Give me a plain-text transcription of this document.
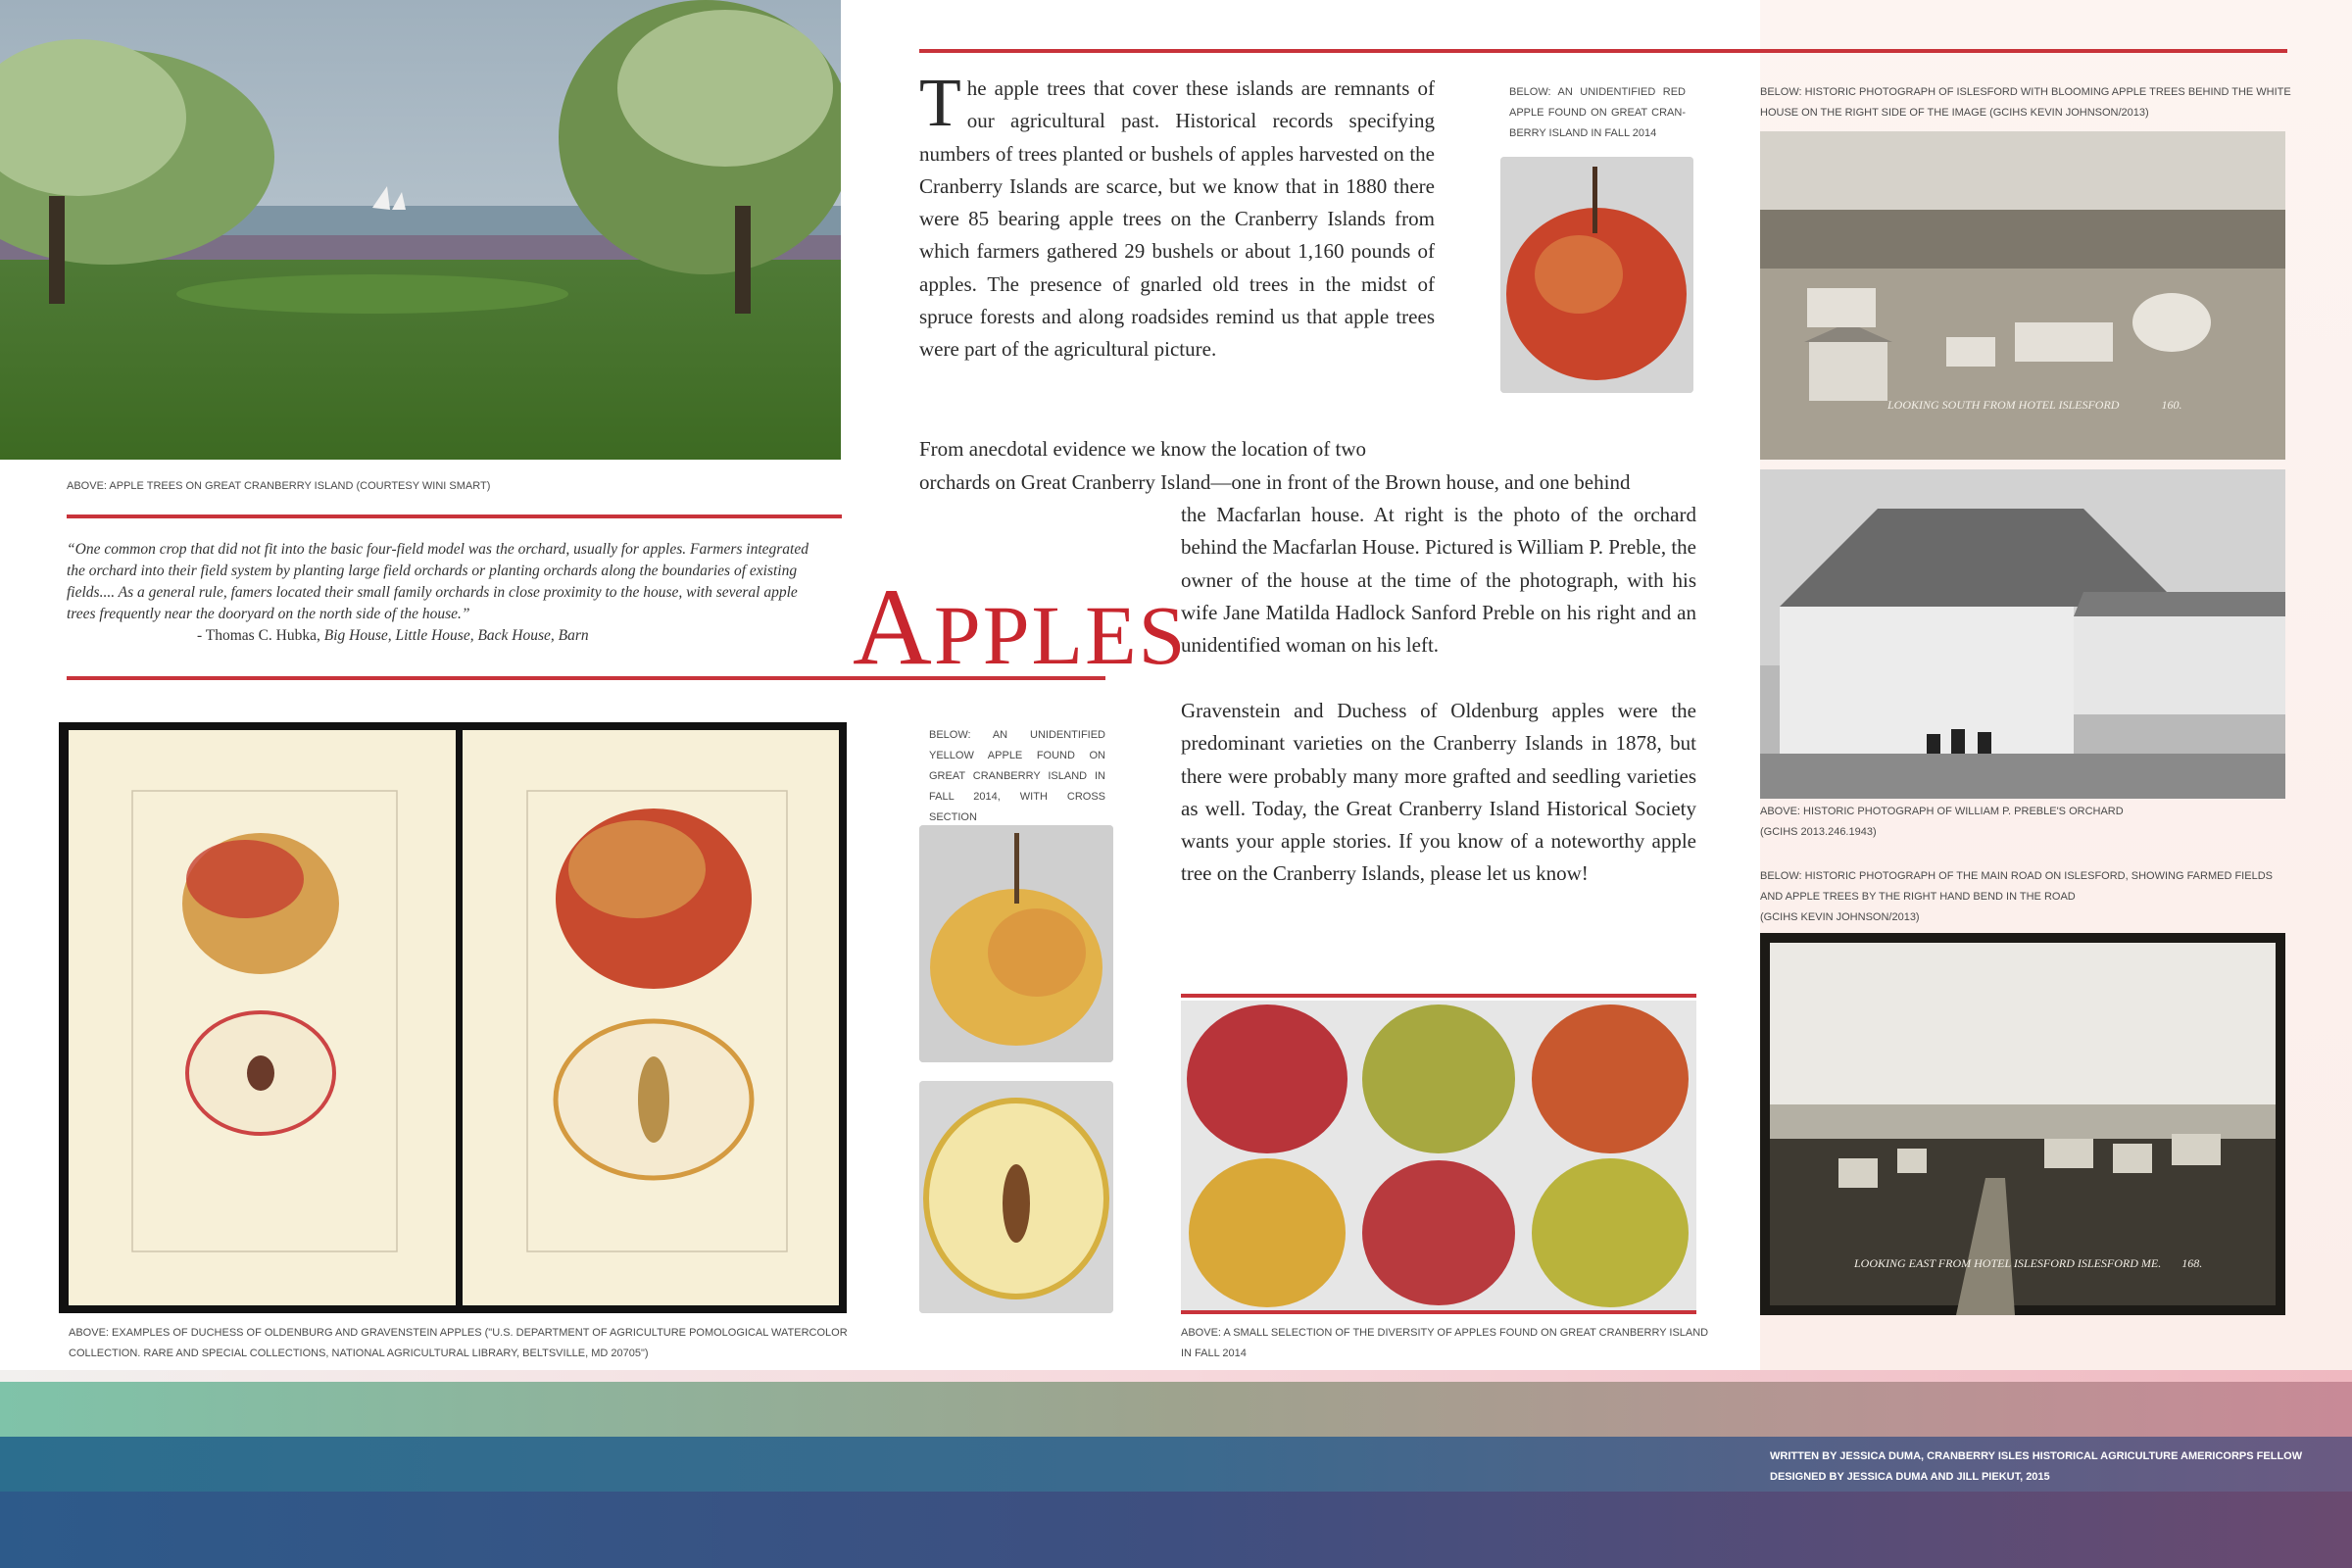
ABOVE: APPLE TREES ON GREAT CRANBERRY ISLAND (COURTESY WINI SMART)
“One common crop that did not fit into the basic four-field model was the orchard, usually for apples. Farmers integrated the orchard into their field system by planting large field orchards or planting orchards along the boundaries of existing fields.... As a general rule, famers located their small family orchards in close proximity to the house, with several apple trees frequently near the dooryard on the north side of the house.”
- Thomas C. Hubka, Big House, Little House, Back House, Barn	APPLES
ABOVE: EXAMPLES OF DUCHESS OF OLDENBURG AND GRAVENSTEIN APPLES ("U.S. DEPARTMENT OF AGRICULTURE POMOLOGICAL WATERCOLOR COLLECTION. RARE AND SPECIAL COLLECTIONS, NATIONAL AGRICULTURAL LIBRARY, BELTSVILLE, MD 20705")
BELOW: AN UNIDENTIFIED YELLOW APPLE FOUND ON GREAT CRANBERRY ISLAND IN FALL 2014, WITH CROSS SECTION

The apple trees that cover these islands are remnants of our agricultural past. Historical records specifying numbers of trees planted or bushels of apples harvested on the Cranberry Islands are scarce, but we know that in 1880 there were 85 bearing apple trees on the Cranberry Islands from which farmers gathered 29 bushels or about 1,160 pounds of apples. The presence of gnarled old trees in the midst of spruce forests and along roadsides remind us that apple trees were part of the agricultural picture.

From anecdotal evidence we know the location of two
orchards on Great Cranberry Island—one in front of the Brown house, and one behind
the Macfarlan house. At right is the photo of the orchard behind the Macfarlan House. Pictured is William P. Preble, the owner of the house at the time of the photograph, with his wife Jane Matilda Hadlock Sanford Preble on his right and an unidentified woman on his left.
Gravenstein and Duchess of Oldenburg apples were the predominant varieties on the Cranberry Islands in 1878, but there were probably many more grafted and seedling varieties as well. Today, the Great Cranberry Island Historical Society wants your apple stories. If you know of a noteworthy apple tree on the Cranberry Islands, please let us know!
BELOW: AN UNIDENTIFIED RED APPLE FOUND ON GREAT CRAN- BERRY ISLAND IN FALL 2014
ABOVE: A SMALL SELECTION OF THE DIVERSITY OF APPLES FOUND ON GREAT CRANBERRY ISLAND IN FALL 2014
BELOW: HISTORIC PHOTOGRAPH OF ISLESFORD WITH BLOOMING APPLE TREES BEHIND THE WHITE HOUSE ON THE RIGHT SIDE OF THE IMAGE (GCIHS KEVIN JOHNSON/2013)
LOOKING SOUTH FROM HOTEL ISLESFORD	160.
ABOVE: HISTORIC PHOTOGRAPH OF WILLIAM P. PREBLE'S ORCHARD
(GCIHS 2013.246.1943)
BELOW: HISTORIC PHOTOGRAPH OF THE MAIN ROAD ON ISLESFORD, SHOWING FARMED FIELDS AND APPLE TREES BY THE RIGHT HAND BEND IN THE ROAD
(GCIHS KEVIN JOHNSON/2013)
LOOKING EAST FROM HOTEL ISLESFORD ISLESFORD ME. 168.
WRITTEN BY JESSICA DUMA, CRANBERRY ISLES HISTORICAL AGRICULTURE AMERICORPS FELLOW
DESIGNED BY JESSICA DUMA AND JILL PIEKUT, 2015
